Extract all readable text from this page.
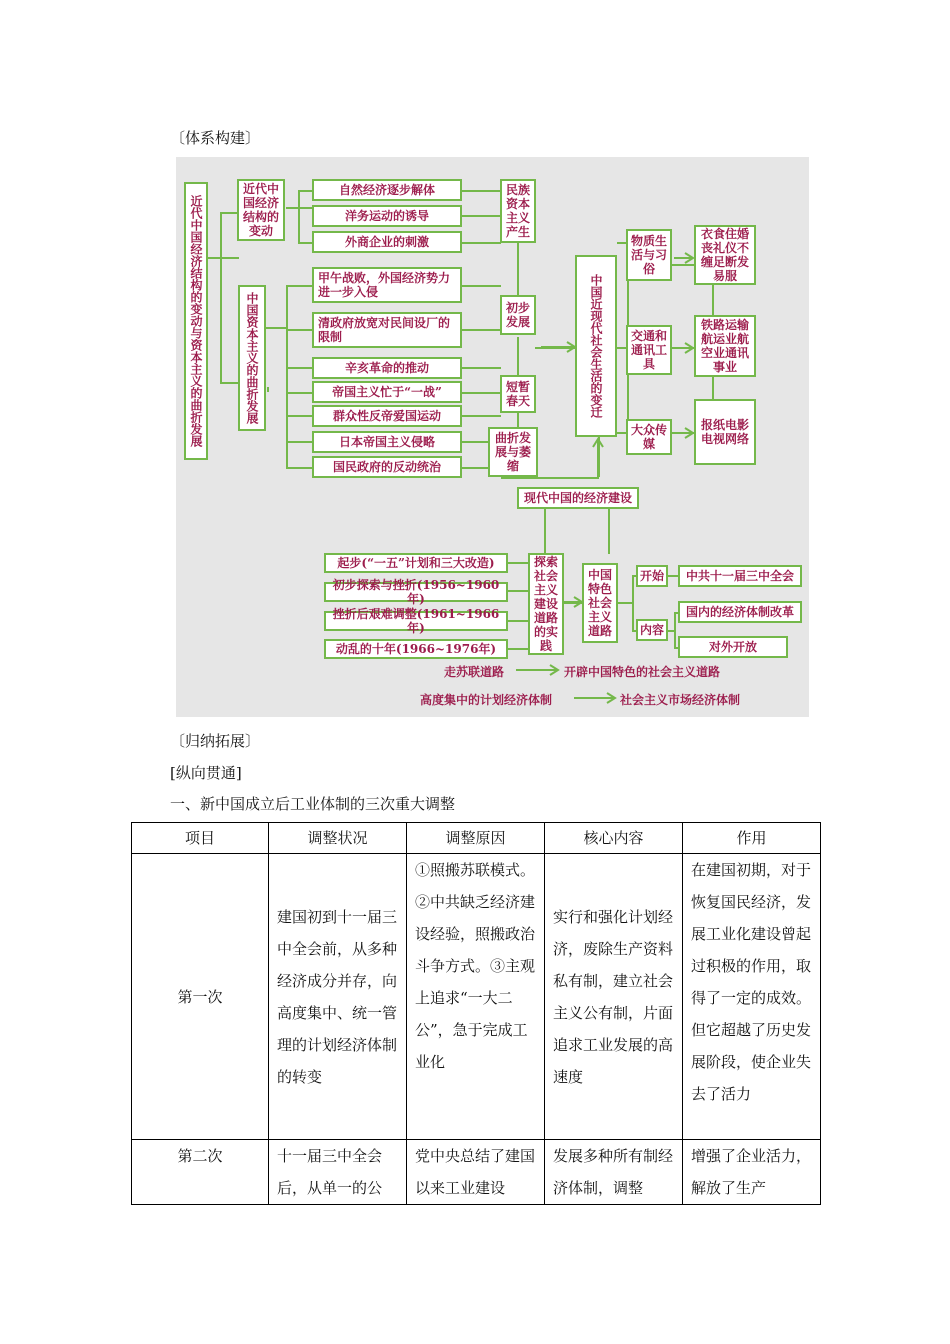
〔体系构建〕
近代中国经济结构的变动与资本主义的曲折发展
近代中国经济结构的变动
自然经济逐步解体
洋务运动的诱导
外商企业的刺激
民族资本主义产生
中国资本主义的曲折发展
甲午战败，外国经济势力进一步入侵
清政府放宽对民间设厂的限制
辛亥革命的推动
帝国主义忙于“一战”
群众性反帝爱国运动
日本帝国主义侵略
国民政府的反动统治
初步发展
短暂春天
曲折发展与萎缩
中国近现代社会生活的变迁
物质生活与习俗
交通和通讯工具
大众传媒
衣食住婚丧礼仪不缠足断发易服
铁路运输航运业航空业通讯事业
报纸电影电视网络
现代中国的经济建设
起步(“一五”计划和三大改造)
初步探索与挫折(1956~1960年)
挫折后艰难调整(1961~1966年)
动乱的十年(1966~1976年)
探索社会主义建设道路的实践
中国特色社会主义道路
开始	中共十一届三中全会
内容
国内的经济体制改革
对外开放
走苏联道路	开辟中国特色的社会主义道路
高度集中的计划经济体制	社会主义市场经济体制
〔归纳拓展〕
[纵向贯通]
一、新中国成立后工业体制的三次重大调整
项目	调整状况	调整原因	核心内容	作用
第一次	建国初到十一届三中全会前，从多种经济成分并存，向高度集中、统一管理的计划经济体制的转变	①照搬苏联模式。②中共缺乏经济建设经验，照搬政治斗争方式。③主观上追求“一大二公”，急于完成工业化	实行和强化计划经济，废除生产资料私有制，建立社会主义公有制，片面追求工业发展的高速度	在建国初期，对于恢复国民经济，发展工业化建设曾起过积极的作用，取得了一定的成效。但它超越了历史发展阶段，使企业失去了活力
第二次	十一届三中全会后，从单一的公	党中央总结了建国以来工业建设	发展多种所有制经济体制，调整	增强了企业活力，解放了生产
